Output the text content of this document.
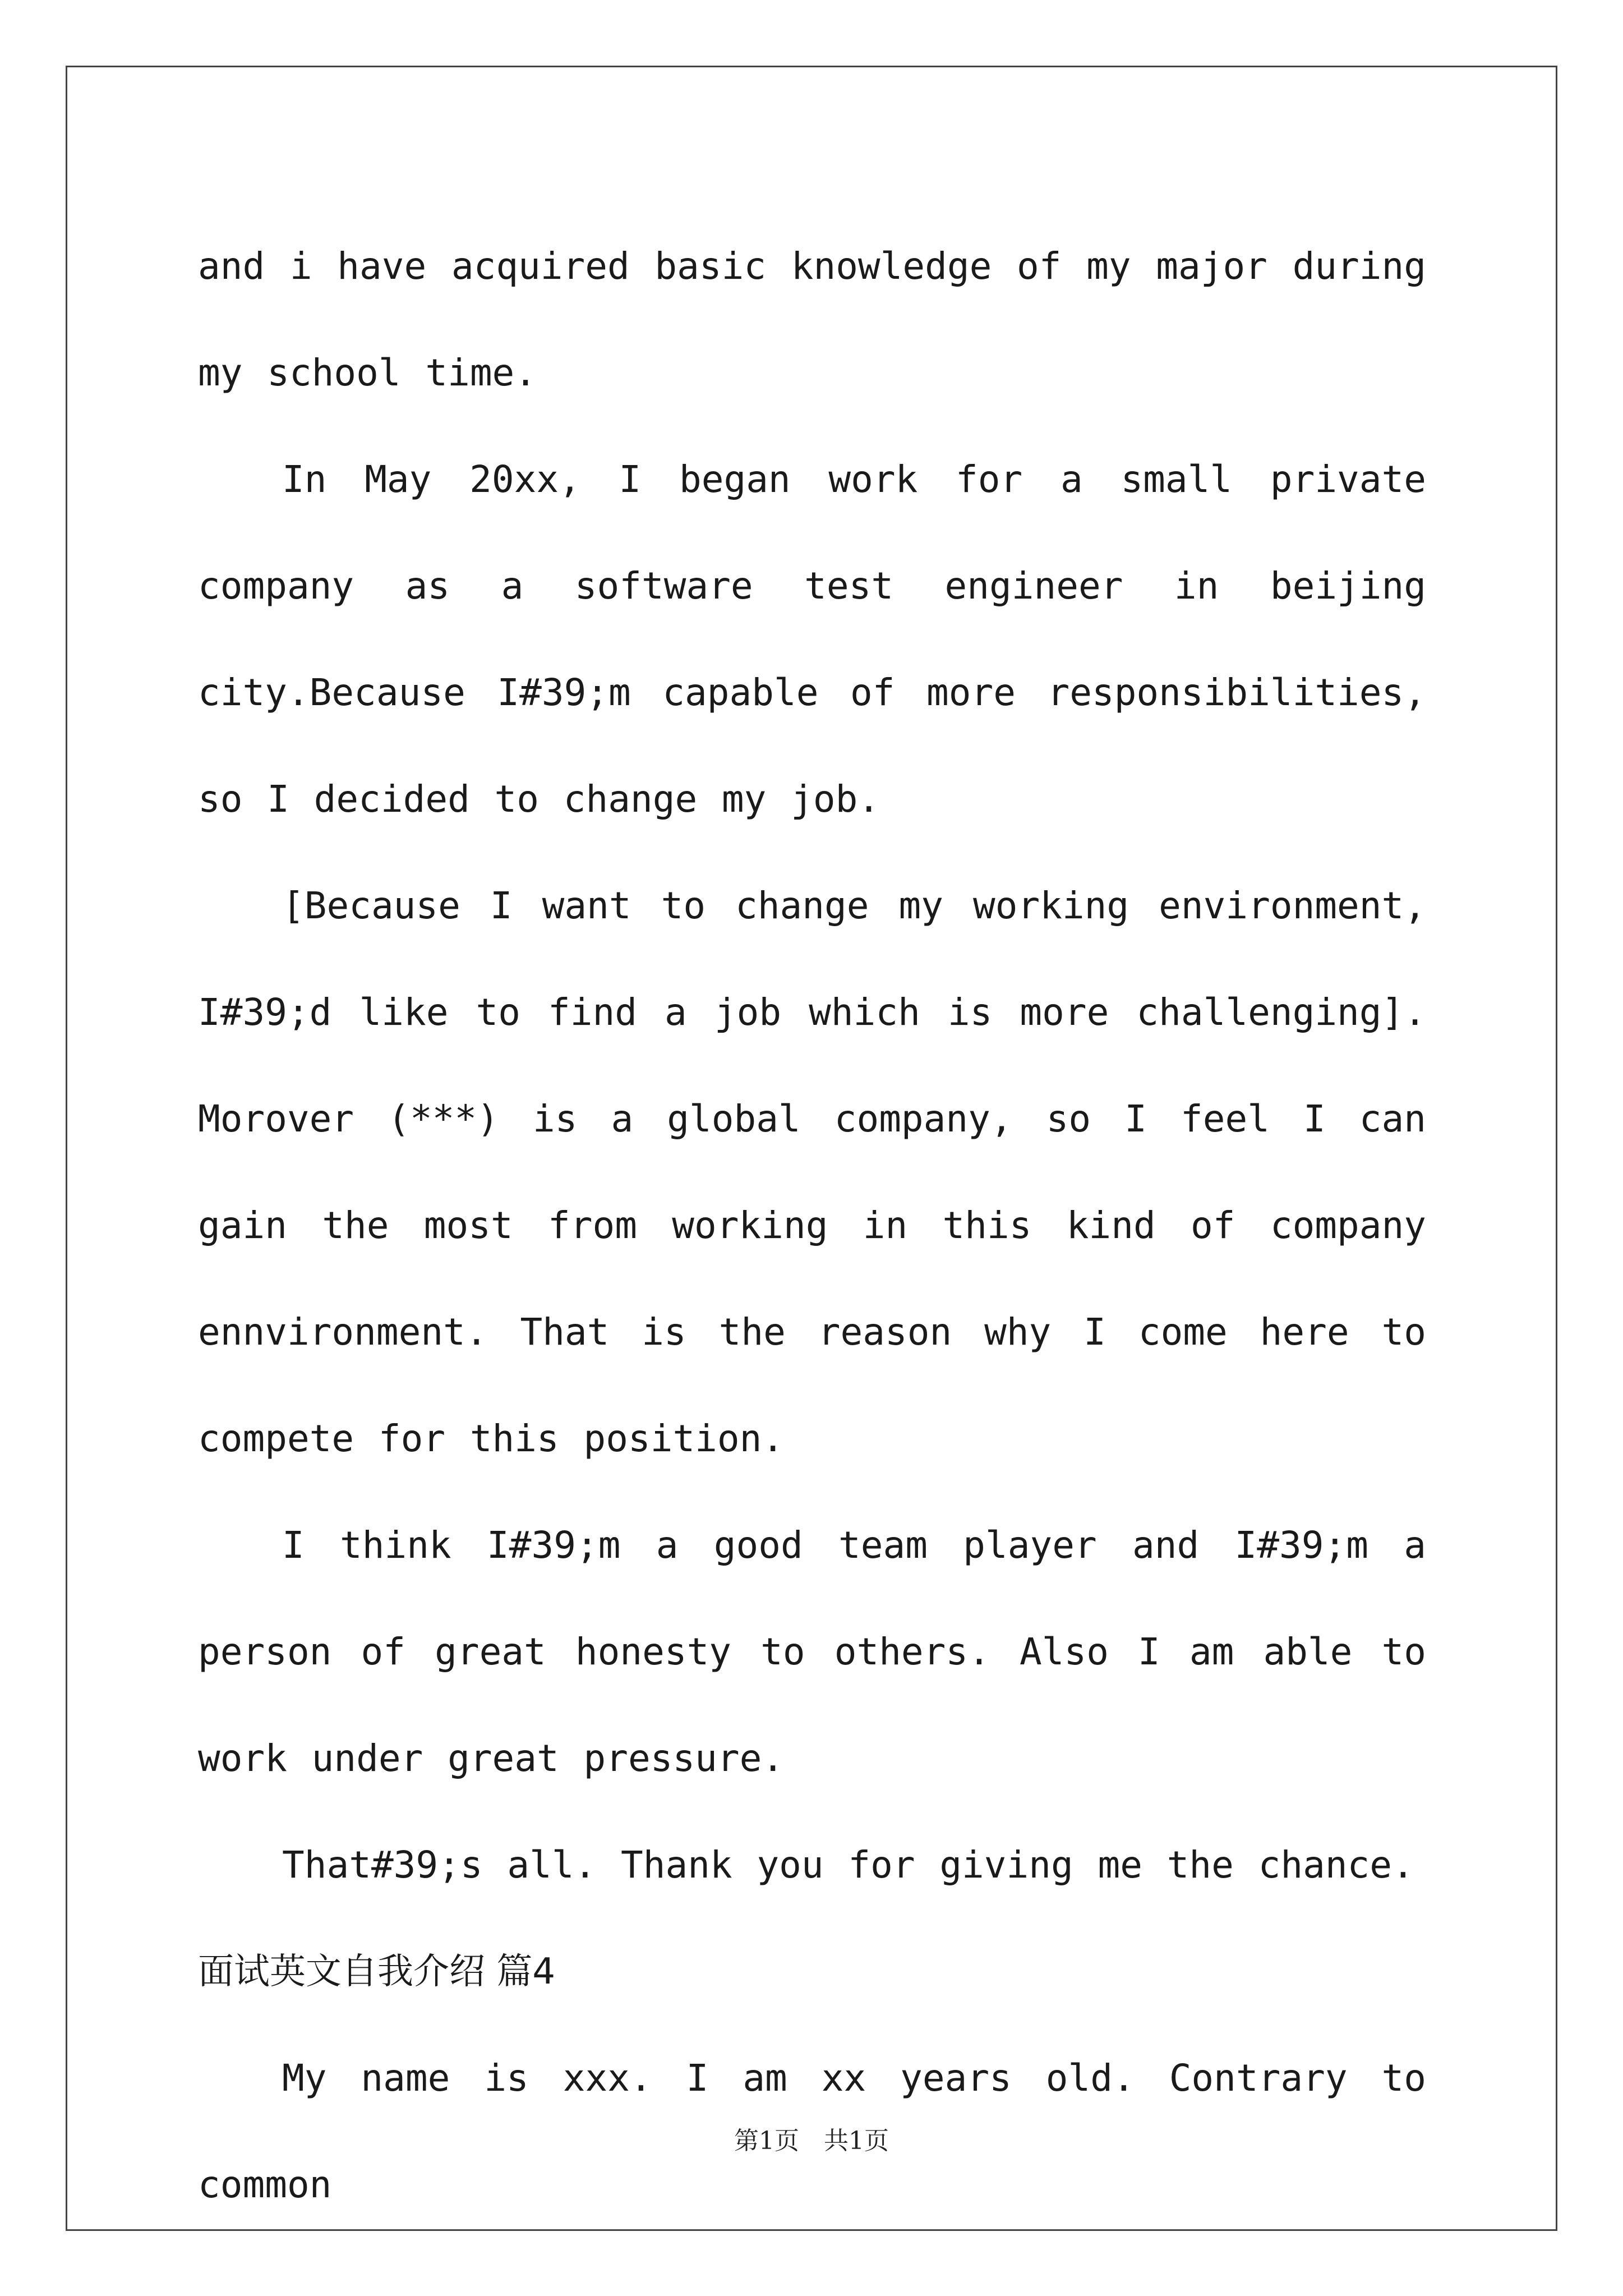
and i have acquired basic knowledge of my major during my school time.

In May 20xx, I began work for a small private company as a software test engineer in beijing city.Because I#39;m capable of more responsibilities, so I decided to change my job.

[Because I want to change my working environment, I#39;d like to find a job which is more challenging]. Morover (***) is a global company, so I feel I can gain the most from working in this kind of company ennvironment. That is the reason why I come here to compete for this position.

I think I#39;m a good team player and I#39;m a person of great honesty to others. Also I am able to work under great pressure.

That#39;s all. Thank you for giving me the chance.

面试英文自我介绍 篇4

My name is xxx. I am xx years old. Contrary to common

第1页　共1页
